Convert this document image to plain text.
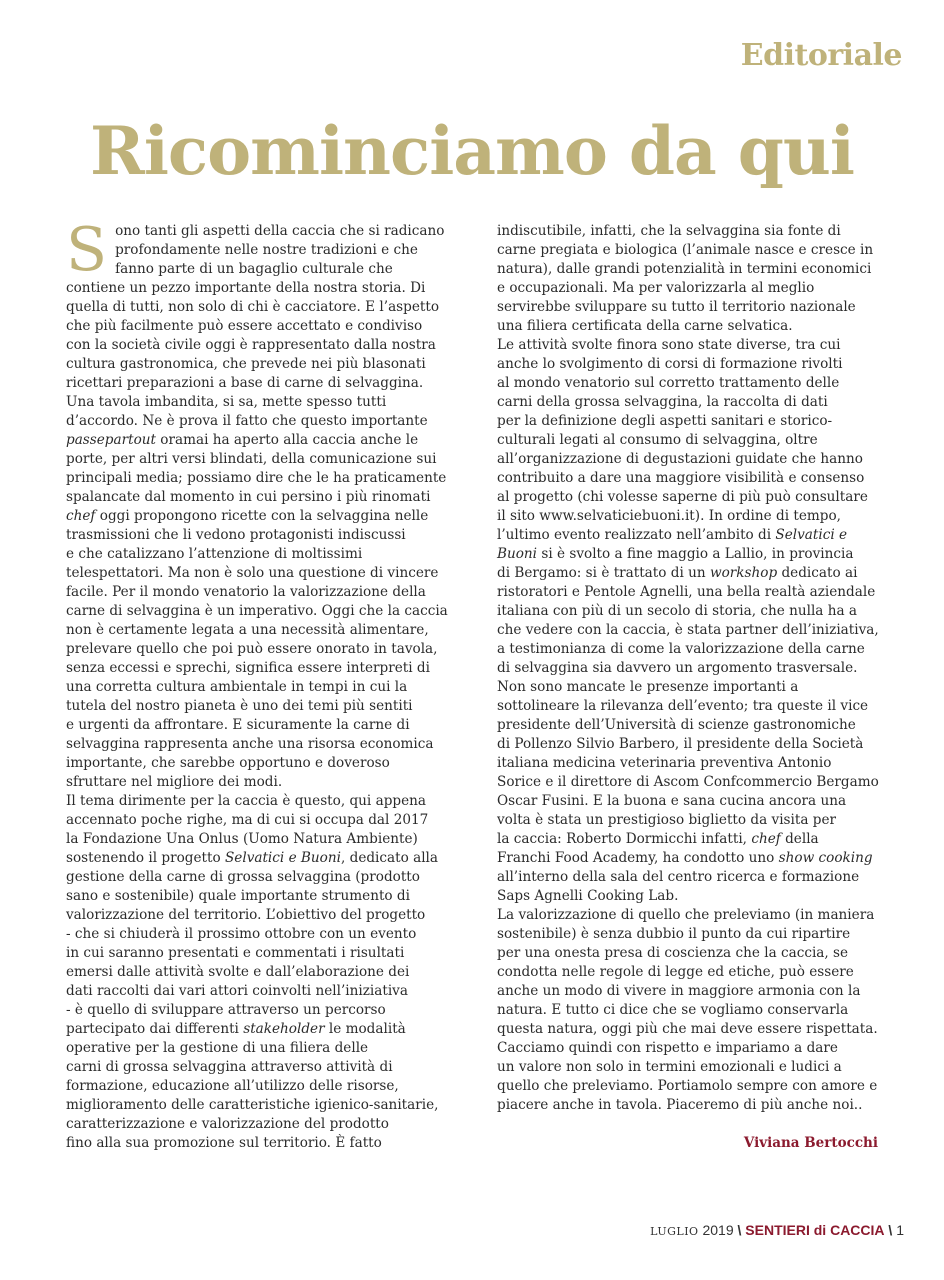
Editoriale
Ricominciamo da qui
S ono tanti gli aspetti della caccia che si radicano

profondamente nelle nostre tradizioni e che

fanno parte di un bagaglio culturale che

contiene un pezzo importante della nostra storia. Di

quella di tutti, non solo di chi è cacciatore. E l’aspetto

che più facilmente può essere accettato e condiviso

con la società civile oggi è rappresentato dalla nostra

cultura gastronomica, che prevede nei più blasonati

ricettari preparazioni a base di carne di selvaggina.

Una tavola imbandita, si sa, mette spesso tutti

d’accordo. Ne è prova il fatto che questo importante

passepartout oramai ha aperto alla caccia anche le

porte, per altri versi blindati, della comunicazione sui

principali media; possiamo dire che le ha praticamente

spalancate dal momento in cui persino i più rinomati

chef oggi propongono ricette con la selvaggina nelle

trasmissioni che li vedono protagonisti indiscussi

e che catalizzano l’attenzione di moltissimi

telespettatori. Ma non è solo una questione di vincere

facile. Per il mondo venatorio la valorizzazione della

carne di selvaggina è un imperativo. Oggi che la caccia

non è certamente legata a una necessità alimentare,

prelevare quello che poi può essere onorato in tavola,

senza eccessi e sprechi, significa essere interpreti di

una corretta cultura ambientale in tempi in cui la

tutela del nostro pianeta è uno dei temi più sentiti

e urgenti da affrontare. E sicuramente la carne di

selvaggina rappresenta anche una risorsa economica

importante, che sarebbe opportuno e doveroso

sfruttare nel migliore dei modi.

Il tema dirimente per la caccia è questo, qui appena

accennato poche righe, ma di cui si occupa dal 2017

la Fondazione Una Onlus (Uomo Natura Ambiente)

sostenendo il progetto Selvatici e Buoni, dedicato alla

gestione della carne di grossa selvaggina (prodotto

sano e sostenibile) quale importante strumento di

valorizzazione del territorio. L’obiettivo del progetto

- che si chiuderà il prossimo ottobre con un evento

in cui saranno presentati e commentati i risultati

emersi dalle attività svolte e dall’elaborazione dei

dati raccolti dai vari attori coinvolti nell’iniziativa

- è quello di sviluppare attraverso un percorso

partecipato dai differenti stakeholder le modalità

operative per la gestione di una filiera delle

carni di grossa selvaggina attraverso attività di

formazione, educazione all’utilizzo delle risorse,

miglioramento delle caratteristiche igienico-sanitarie,

caratterizzazione e valorizzazione del prodotto

fino alla sua promozione sul territorio. È fatto

indiscutibile, infatti, che la selvaggina sia fonte di

carne pregiata e biologica (l’animale nasce e cresce in

natura), dalle grandi potenzialità in termini economici

e occupazionali. Ma per valorizzarla al meglio

servirebbe sviluppare su tutto il territorio nazionale

una filiera certificata della carne selvatica.

Le attività svolte finora sono state diverse, tra cui

anche lo svolgimento di corsi di formazione rivolti

al mondo venatorio sul corretto trattamento delle

carni della grossa selvaggina, la raccolta di dati

per la definizione degli aspetti sanitari e storico-

culturali legati al consumo di selvaggina, oltre

all’organizzazione di degustazioni guidate che hanno

contribuito a dare una maggiore visibilità e consenso

al progetto (chi volesse saperne di più può consultare

il sito www.selvaticiebuoni.it). In ordine di tempo,

l’ultimo evento realizzato nell’ambito di Selvatici e

Buoni si è svolto a fine maggio a Lallio, in provincia

di Bergamo: si è trattato di un workshop dedicato ai

ristoratori e Pentole Agnelli, una bella realtà aziendale

italiana con più di un secolo di storia, che nulla ha a

che vedere con la caccia, è stata partner dell’iniziativa,

a testimonianza di come la valorizzazione della carne

di selvaggina sia davvero un argomento trasversale.

Non sono mancate le presenze importanti a

sottolineare la rilevanza dell’evento; tra queste il vice

presidente dell’Università di scienze gastronomiche

di Pollenzo Silvio Barbero, il presidente della Società

italiana medicina veterinaria preventiva Antonio

Sorice e il direttore di Ascom Confcommercio Bergamo

Oscar Fusini. E la buona e sana cucina ancora una

volta è stata un prestigioso biglietto da visita per

la caccia: Roberto Dormicchi infatti, chef della

Franchi Food Academy, ha condotto uno show cooking

all’interno della sala del centro ricerca e formazione

Saps Agnelli Cooking Lab.

La valorizzazione di quello che preleviamo (in maniera

sostenibile) è senza dubbio il punto da cui ripartire

per una onesta presa di coscienza che la caccia, se

condotta nelle regole di legge ed etiche, può essere

anche un modo di vivere in maggiore armonia con la

natura. E tutto ci dice che se vogliamo conservarla

questa natura, oggi più che mai deve essere rispettata.

Cacciamo quindi con rispetto e impariamo a dare

un valore non solo in termini emozionali e ludici a

quello che preleviamo. Portiamolo sempre con amore e

piacere anche in tavola. Piaceremo di più anche noi..

Viviana Bertocchi
LUGLIO 2019 \ SENTIERI di CACCIA \ 1
